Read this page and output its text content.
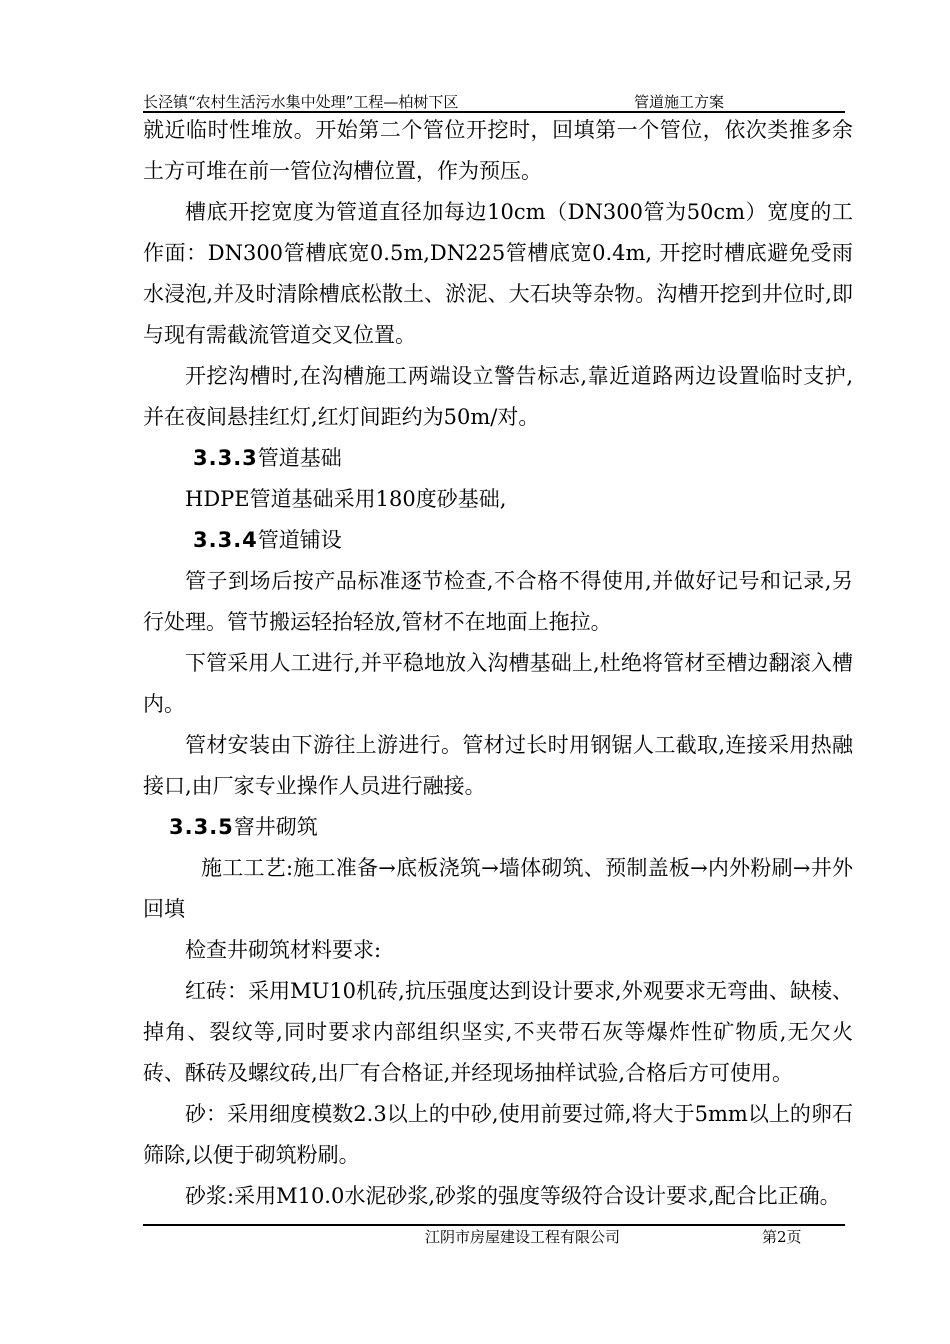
长泾镇“农村生活污水集中处理”工程—柏树下区	管道施工方案

就近临时性堆放。开始第二个管位开挖时，回填第一个管位，依次类推多余土方可堆在前一管位沟槽位置，作为预压。

槽底开挖宽度为管道直径加每边10cm（DN300管为50cm）宽度的工作面：DN300管槽底宽0.5m,DN225管槽底宽0.4m, 开挖时槽底避免受雨水浸泡,并及时清除槽底松散土、淤泥、大石块等杂物。沟槽开挖到井位时,即与现有需截流管道交叉位置。

开挖沟槽时,在沟槽施工两端设立警告标志,靠近道路两边设置临时支护,并在夜间悬挂红灯,红灯间距约为50m/对。

3.3.3管道基础

HDPE管道基础采用180度砂基础,

3.3.4管道铺设

管子到场后按产品标准逐节检查,不合格不得使用,并做好记号和记录,另行处理。管节搬运轻抬轻放,管材不在地面上拖拉。

下管采用人工进行,并平稳地放入沟槽基础上,杜绝将管材至槽边翻滚入槽内。

管材安装由下游往上游进行。管材过长时用钢锯人工截取,连接采用热融接口,由厂家专业操作人员进行融接。

3.3.5窨井砌筑

施工工艺:施工准备→底板浇筑→墙体砌筑、预制盖板→内外粉刷→井外回填

检查井砌筑材料要求:

红砖：采用MU10机砖,抗压强度达到设计要求,外观要求无弯曲、缺棱、掉角、裂纹等,同时要求内部组织坚实,不夹带石灰等爆炸性矿物质,无欠火砖、酥砖及螺纹砖,出厂有合格证,并经现场抽样试验,合格后方可使用。

砂：采用细度模数2.3以上的中砂,使用前要过筛,将大于5mm以上的卵石筛除,以便于砌筑粉刷。

砂浆:采用M10.0水泥砂浆,砂浆的强度等级符合设计要求,配合比正确。

江阴市房屋建设工程有限公司	第2页
